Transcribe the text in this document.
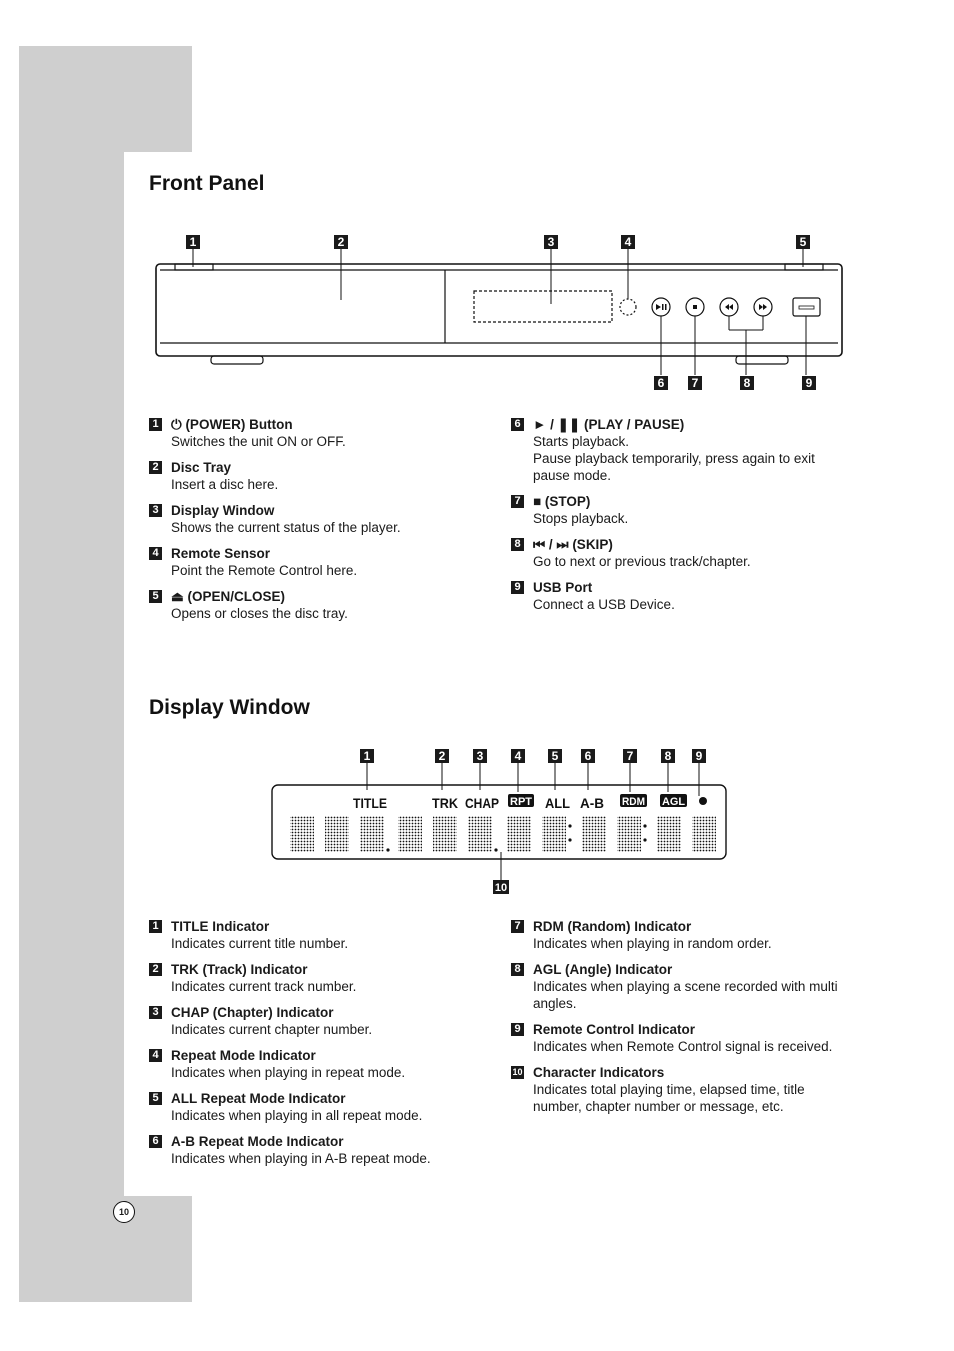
Front Panel
1	2	3	4	5
6 7	8	9
1 ⏻ (POWER) Button
Switches the unit ON or OFF.
2 Disc Tray
Insert a disc here.
3 Display Window
Shows the current status of the player.
4 Remote Sensor
Point the Remote Control here.
5 ⏏ (OPEN/CLOSE)
Opens or closes the disc tray.
6 ► / ❚❚ (PLAY / PAUSE)
Starts playback.
Pause playback temporarily, press again to exit pause mode.
7 ■ (STOP)
Stops playback.
8 ⏮ / ⏭ (SKIP)
Go to next or previous track/chapter.
9 USB Port
Connect a USB Device.
Display Window
1	2	3	4	5 6	7	8 9
10
TITLE	TRK CHAP RPT ALL A-B RDM AGL
1 TITLE Indicator
Indicates current title number.
2 TRK (Track) Indicator
Indicates current track number.
3 CHAP (Chapter) Indicator
Indicates current chapter number.
4 Repeat Mode Indicator
Indicates when playing in repeat mode.
5 ALL Repeat Mode Indicator
Indicates when playing in all repeat mode.
6 A-B Repeat Mode Indicator
Indicates when playing in A-B repeat mode.
7 RDM (Random) Indicator
Indicates when playing in random order.
8 AGL (Angle) Indicator
Indicates when playing a scene recorded with multi angles.
9 Remote Control Indicator
Indicates when Remote Control signal is received.
10 Character Indicators
Indicates total playing time, elapsed time, title number, chapter number or message, etc.
10
